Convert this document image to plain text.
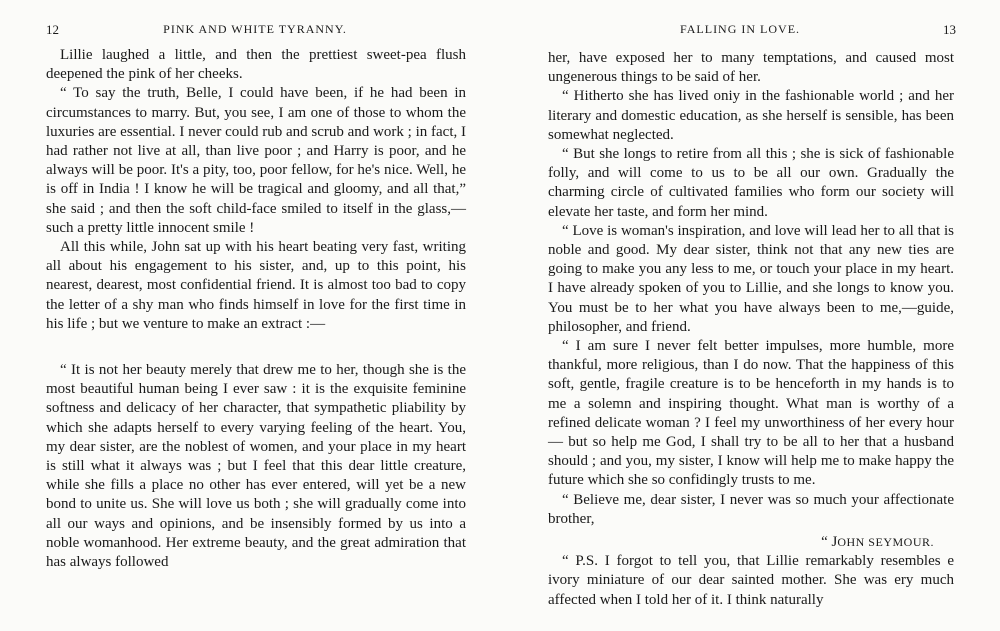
12	PINK AND WHITE TYRANNY.

Lillie laughed a little, and then the prettiest sweet-pea flush deepened the pink of her cheeks.

“ To say the truth, Belle, I could have been, if he had been in circumstances to marry. But, you see, I am one of those to whom the luxuries are essential. I never could rub and scrub and work ; in fact, I had rather not live at all, than live poor ; and Harry is poor, and he always will be poor. It's a pity, too, poor fellow, for he's nice. Well, he is off in India ! I know he will be tragical and gloomy, and all that,” she said ; and then the soft child-face smiled to itself in the glass,—such a pretty little innocent smile !

All this while, John sat up with his heart beating very fast, writing all about his engagement to his sister, and, up to this point, his nearest, dearest, most confidential friend. It is almost too bad to copy the letter of a shy man who finds himself in love for the first time in his life ; but we venture to make an extract :—

“ It is not her beauty merely that drew me to her, though she is the most beautiful human being I ever saw : it is the exquisite feminine softness and delicacy of her character, that sympathetic pliability by which she adapts herself to every varying feeling of the heart. You, my dear sister, are the noblest of women, and your place in my heart is still what it always was ; but I feel that this dear little creature, while she fills a place no other has ever entered, will yet be a new bond to unite us. She will love us both ; she will gradually come into all our ways and opinions, and be insensibly formed by us into a noble womanhood. Her extreme beauty, and the great admiration that has always followed

FALLING IN LOVE.	13

her, have exposed her to many temptations, and caused most ungenerous things to be said of her.

“ Hitherto she has lived oniy in the fashionable world ; and her literary and domestic education, as she herself is sensible, has been somewhat neglected.

“ But she longs to retire from all this ; she is sick of fashionable folly, and will come to us to be all our own. Gradually the charming circle of cultivated families who form our society will elevate her taste, and form her mind.

“ Love is woman's inspiration, and love will lead her to all that is noble and good. My dear sister, think not that any new ties are going to make you any less to me, or touch your place in my heart. I have already spoken of you to Lillie, and she longs to know you. You must be to her what you have always been to me,—guide, philosopher, and friend.

“ I am sure I never felt better impulses, more humble, more thankful, more religious, than I do now. That the happiness of this soft, gentle, fragile creature is to be henceforth in my hands is to me a solemn and inspiring thought. What man is worthy of a refined delicate woman ? I feel my unworthiness of her every hour — but so help me God, I shall try to be all to her that a husband should ; and you, my sister, I know will help me to make happy the future which she so confidingly trusts to me.

“ Believe me, dear sister, I never was so much your affectionate brother,

“ JOHN SEYMOUR.

“ P.S. I forgot to tell you, that Lillie remarkably resembles e ivory miniature of our dear sainted mother. She was ery much affected when I told her of it. I think naturally
